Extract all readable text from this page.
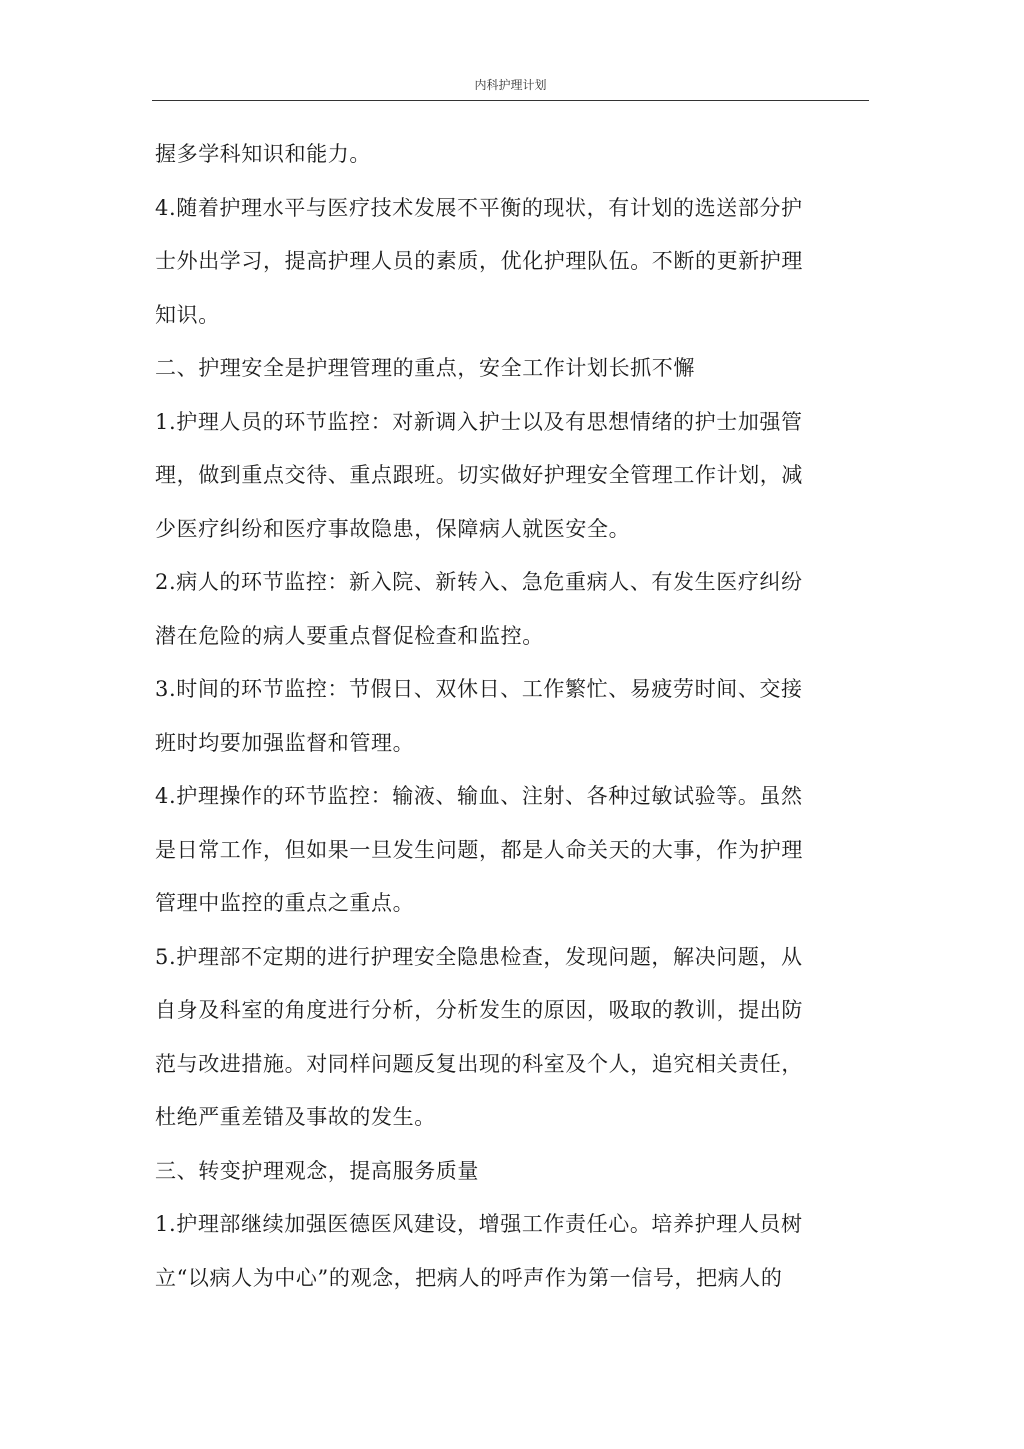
内科护理计划
握多学科知识和能力。
4.随着护理水平与医疗技术发展不平衡的现状，有计划的选送部分护
士外出学习，提高护理人员的素质，优化护理队伍。不断的更新护理
知识。
二、护理安全是护理管理的重点，安全工作计划长抓不懈
1.护理人员的环节监控：对新调入护士以及有思想情绪的护士加强管
理，做到重点交待、重点跟班。切实做好护理安全管理工作计划，减
少医疗纠纷和医疗事故隐患，保障病人就医安全。
2.病人的环节监控：新入院、新转入、急危重病人、有发生医疗纠纷
潜在危险的病人要重点督促检查和监控。
3.时间的环节监控：节假日、双休日、工作繁忙、易疲劳时间、交接
班时均要加强监督和管理。
4.护理操作的环节监控：输液、输血、注射、各种过敏试验等。虽然
是日常工作，但如果一旦发生问题，都是人命关天的大事，作为护理
管理中监控的重点之重点。
5.护理部不定期的进行护理安全隐患检查，发现问题，解决问题，从
自身及科室的角度进行分析，分析发生的原因，吸取的教训，提出防
范与改进措施。对同样问题反复出现的科室及个人，追究相关责任，
杜绝严重差错及事故的发生。
三、转变护理观念，提高服务质量
1.护理部继续加强医德医风建设，增强工作责任心。培养护理人员树
立“以病人为中心”的观念，把病人的呼声作为第一信号，把病人的
